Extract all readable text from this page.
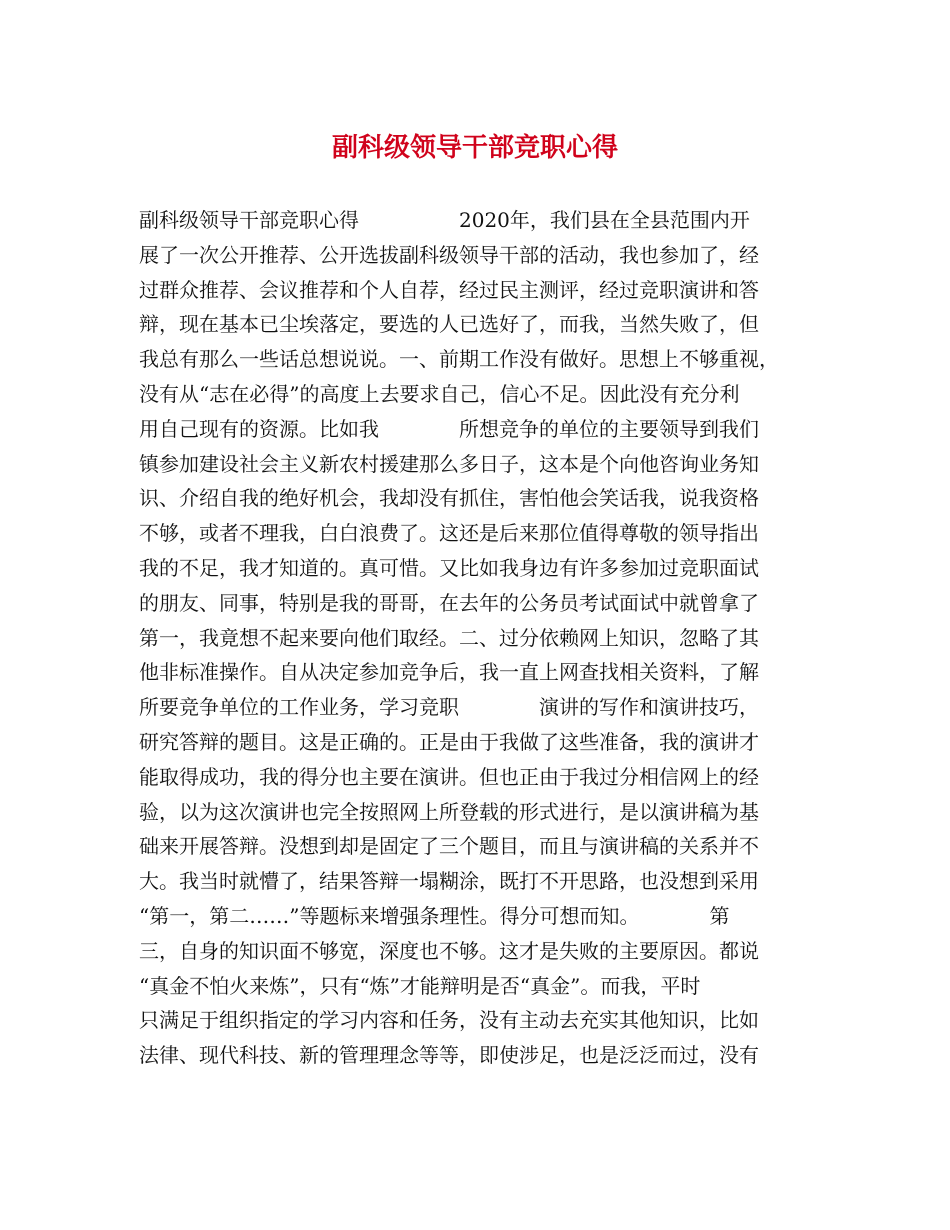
副科级领导干部竞职心得
副科级领导干部竞职心得　　　　　2020年，我们县在全县范围内开
展了一次公开推荐、公开选拔副科级领导干部的活动，我也参加了，经
过群众推荐、会议推荐和个人自荐，经过民主测评，经过竞职演讲和答
辩，现在基本已尘埃落定，要选的人已选好了，而我，当然失败了，但
我总有那么一些话总想说说。一、前期工作没有做好。思想上不够重视，
没有从“志在必得”的高度上去要求自己，信心不足。因此没有充分利
用自己现有的资源。比如我　　　　所想竞争的单位的主要领导到我们
镇参加建设社会主义新农村援建那么多日子，这本是个向他咨询业务知
识、介绍自我的绝好机会，我却没有抓住，害怕他会笑话我，说我资格
不够，或者不理我，白白浪费了。这还是后来那位值得尊敬的领导指出
我的不足，我才知道的。真可惜。又比如我身边有许多参加过竞职面试
的朋友、同事，特别是我的哥哥，在去年的公务员考试面试中就曾拿了
第一，我竟想不起来要向他们取经。二、过分依赖网上知识，忽略了其
他非标准操作。自从决定参加竞争后，我一直上网查找相关资料，了解
所要竞争单位的工作业务，学习竞职　　　　演讲的写作和演讲技巧，
研究答辩的题目。这是正确的。正是由于我做了这些准备，我的演讲才
能取得成功，我的得分也主要在演讲。但也正由于我过分相信网上的经
验，以为这次演讲也完全按照网上所登载的形式进行，是以演讲稿为基
础来开展答辩。没想到却是固定了三个题目，而且与演讲稿的关系并不
大。我当时就懵了，结果答辩一塌糊涂，既打不开思路，也没想到采用
“第一，第二……”等题标来增强条理性。得分可想而知。　　　　第
三，自身的知识面不够宽，深度也不够。这才是失败的主要原因。都说
“真金不怕火来炼”，只有“炼”才能辩明是否“真金”。而我，平时
只满足于组织指定的学习内容和任务，没有主动去充实其他知识，比如
法律、现代科技、新的管理理念等等，即使涉足，也是泛泛而过，没有
